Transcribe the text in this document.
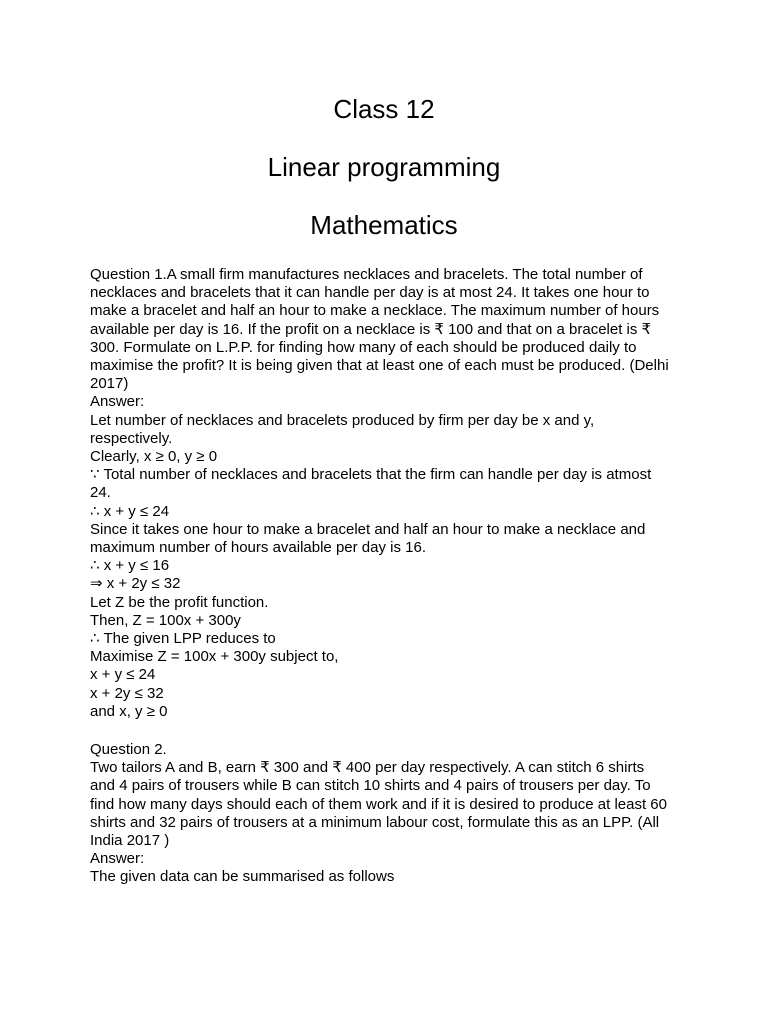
Class 12
Linear programming
Mathematics
Question 1.A small firm manufactures necklaces and bracelets. The total number of
necklaces and bracelets that it can handle per day is at most 24. It takes one hour to
make a bracelet and half an hour to make a necklace. The maximum number of hours
available per day is 16. If the profit on a necklace is ₹ 100 and that on a bracelet is ₹
300. Formulate on L.P.P. for finding how many of each should be produced daily to
maximise the profit? It is being given that at least one of each must be produced. (Delhi
2017)
Answer:
Let number of necklaces and bracelets produced by firm per day be x and y,
respectively.
Clearly, x ≥ 0, y ≥ 0
∵ Total number of necklaces and bracelets that the firm can handle per day is atmost
24.
∴ x + y ≤ 24
Since it takes one hour to make a bracelet and half an hour to make a necklace and
maximum number of hours available per day is 16.
∴ x + y ≤ 16
⇒ x + 2y ≤ 32
Let Z be the profit function.
Then, Z = 100x + 300y
∴ The given LPP reduces to
Maximise Z = 100x + 300y subject to,
x + y ≤ 24
x + 2y ≤ 32
and x, y ≥ 0
Question 2.
Two tailors A and B, earn ₹ 300 and ₹ 400 per day respectively. A can stitch 6 shirts
and 4 pairs of trousers while B can stitch 10 shirts and 4 pairs of trousers per day. To
find how many days should each of them work and if it is desired to produce at least 60
shirts and 32 pairs of trousers at a minimum labour cost, formulate this as an LPP. (All
India 2017 )
Answer:
The given data can be summarised as follows
